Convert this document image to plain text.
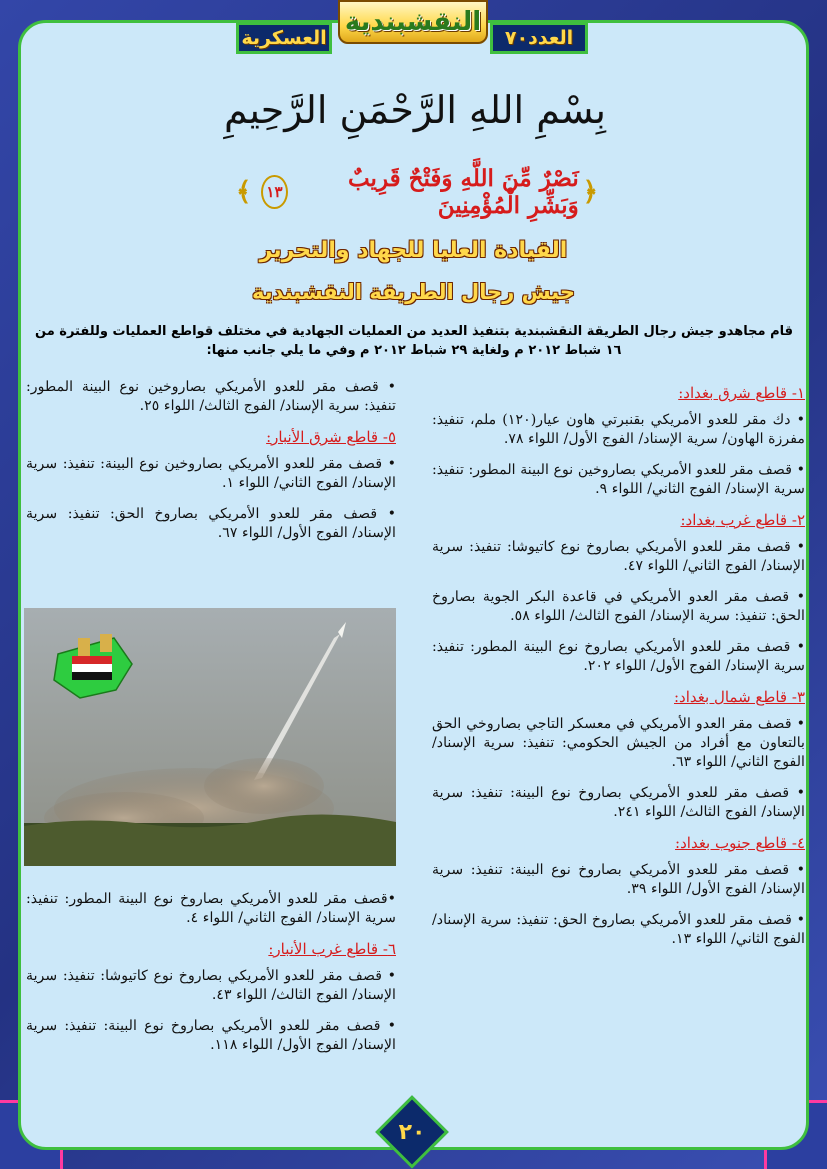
العسكرية
النقشبندية
العدد٧٠
بِسْمِ اللهِ الرَّحْمَنِ الرَّحِيمِ
﴿
نَصْرٌ مِّنَ اللَّهِ وَفَتْحٌ قَرِيبٌ وَبَشِّرِ الْمُؤْمِنِينَ
١٣
﴾
القيادة العليا للجهاد والتحرير
جيش رجال الطريقة النقشبندية
قام مجاهدو جيش رجال الطريقة النقشبندية بتنفيذ العديد من العمليات الجهادية في مختلف قواطع العمليات وللفترة من ١٦ شباط ٢٠١٢ م ولغاية ٢٩ شباط ٢٠١٢ م وفي ما يلي جانب منها:
١- قاطع شرق بغداد:

• دك مقر للعدو الأمريكي بقنبرتي هاون عيار(١٢٠) ملم، تنفيذ: مفرزة الهاون/ سرية الإسناد/ الفوج الأول/ اللواء ٧٨.

• قصف مقر للعدو الأمريكي بصاروخين نوع البينة المطور: تنفيذ: سرية الإسناد/ الفوج الثاني/ اللواء ٩.

٢- قاطع غرب بغداد:

• قصف مقر للعدو الأمريكي بصاروخ نوع كاتيوشا: تنفيذ: سرية الإسناد/ الفوج الثاني/ اللواء ٤٧.

• قصف مقر العدو الأمريكي في قاعدة البكر الجوية بصاروخ الحق: تنفيذ: سرية الإسناد/ الفوج الثالث/ اللواء ٥٨.

• قصف مقر للعدو الأمريكي بصاروخ نوع البينة المطور: تنفيذ: سرية الإسناد/ الفوج الأول/ اللواء ٢٠٢.

٣- قاطع شمال بغداد:

• قصف مقر العدو الأمريكي في معسكر التاجي بصاروخي الحق بالتعاون مع أفراد من الجيش الحكومي: تنفيذ: سرية الإسناد/ الفوج الثاني/ اللواء ٦٣.

• قصف مقر للعدو الأمريكي بصاروخ نوع البينة: تنفيذ: سرية الإسناد/ الفوج الثالث/ اللواء ٢٤١.

٤- قاطع جنوب بغداد:

• قصف مقر للعدو الأمريكي بصاروخ نوع البينة: تنفيذ: سرية الإسناد/ الفوج الأول/ اللواء ٣٩.

• قصف مقر للعدو الأمريكي بصاروخ الحق: تنفيذ: سرية الإسناد/ الفوج الثاني/ اللواء ١٣.

• قصف مقر للعدو الأمريكي بصاروخين نوع البينة المطور: تنفيذ: سرية الإسناد/ الفوج الثالث/ اللواء ٢٥.

٥- قاطع شرق الأنبار:

• قصف مقر للعدو الأمريكي بصاروخين نوع البينة: تنفيذ: سرية الإسناد/ الفوج الثاني/ اللواء ١.

• قصف مقر للعدو الأمريكي بصاروخ الحق: تنفيذ: سرية الإسناد/ الفوج الأول/ اللواء ٦٧.

•قصف مقر للعدو الأمريكي بصاروخ نوع البينة المطور: تنفيذ: سرية الإسناد/ الفوج الثاني/ اللواء ٤.

٦- قاطع غرب الأنبار:

• قصف مقر للعدو الأمريكي بصاروخ نوع كاتيوشا: تنفيذ: سرية الإسناد/ الفوج الثالث/ اللواء ٤٣.

• قصف مقر للعدو الأمريكي بصاروخ نوع البينة: تنفيذ: سرية الإسناد/ الفوج الأول/ اللواء ١١٨.

٢٠
